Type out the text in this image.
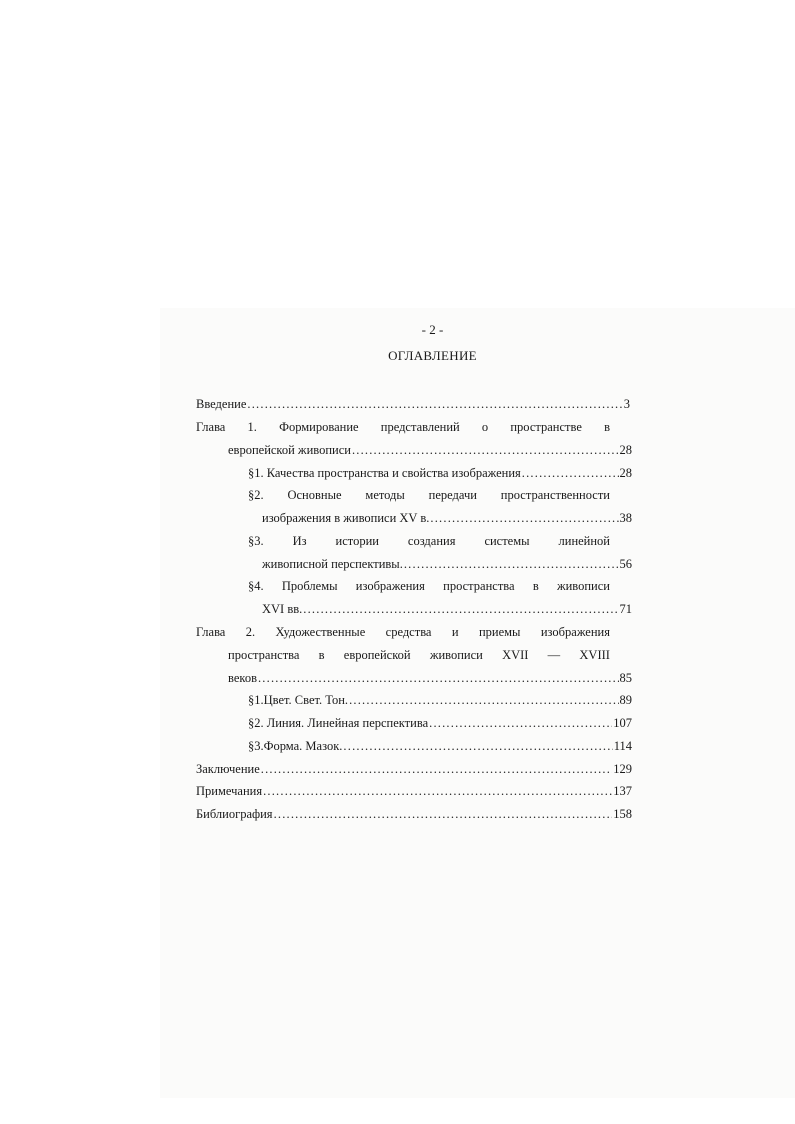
- 2 -
ОГЛАВЛЕНИЕ
Введение .....	3
Глава 1. Формирование представлений о пространстве в
европейской живописи .....	28
§1. Качества пространства и свойства изображения .....	28
§2. Основные методы передачи пространственности
изображения в живописи XV в. .....	38
§3. Из истории создания системы линейной
живописной перспективы. .....	56
§4. Проблемы изображения пространства в живописи
XVI вв. .....	71
Глава 2. Художественные средства и приемы изображения
пространства в европейской живописи XVII — XVIII
веков .....	85
§1.Цвет. Свет. Тон. .....	89
§2. Линия. Линейная перспектива .....	107
§3.Форма. Мазок. .....	114
Заключение .....	129
Примечания .....	137
Библиография .....	158
